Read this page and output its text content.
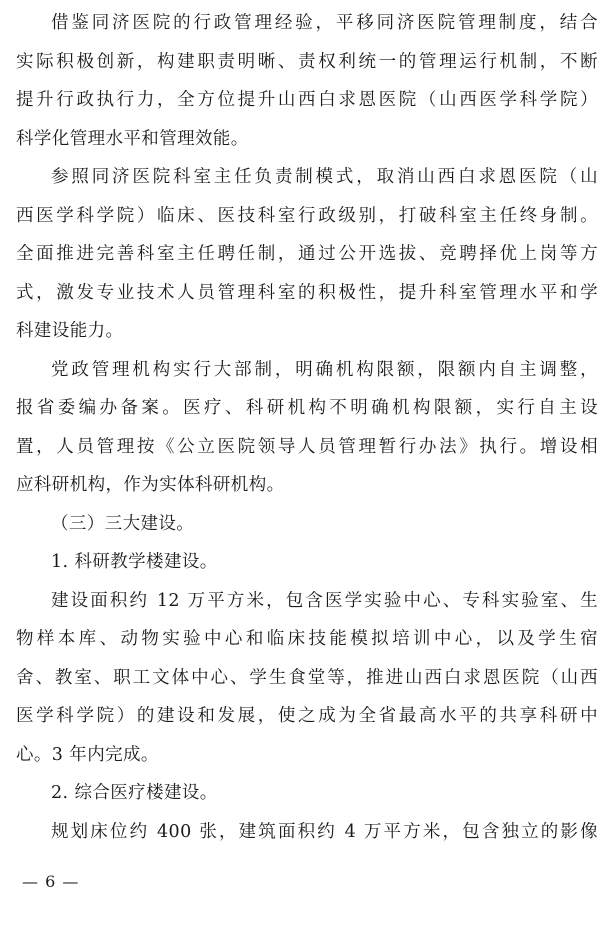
借鉴同济医院的行政管理经验，平移同济医院管理制度，结合
实际积极创新，构建职责明晰、责权利统一的管理运行机制，不断
提升行政执行力，全方位提升山西白求恩医院（山西医学科学院）
科学化管理水平和管理效能。

参照同济医院科室主任负责制模式，取消山西白求恩医院（山
西医学科学院）临床、医技科室行政级别，打破科室主任终身制。
全面推进完善科室主任聘任制，通过公开选拔、竞聘择优上岗等方
式，激发专业技术人员管理科室的积极性，提升科室管理水平和学
科建设能力。

党政管理机构实行大部制，明确机构限额，限额内自主调整，
报省委编办备案。医疗、科研机构不明确机构限额，实行自主设
置，人员管理按《公立医院领导人员管理暂行办法》执行。增设相
应科研机构，作为实体科研机构。

（三）三大建设。

1. 科研教学楼建设。

建设面积约 12 万平方米，包含医学实验中心、专科实验室、生
物样本库、动物实验中心和临床技能模拟培训中心，以及学生宿
舍、教室、职工文体中心、学生食堂等，推进山西白求恩医院（山西
医学科学院）的建设和发展，使之成为全省最高水平的共享科研中
心。3 年内完成。

2. 综合医疗楼建设。

规划床位约 400 张，建筑面积约 4 万平方米，包含独立的影像

— 6 —
